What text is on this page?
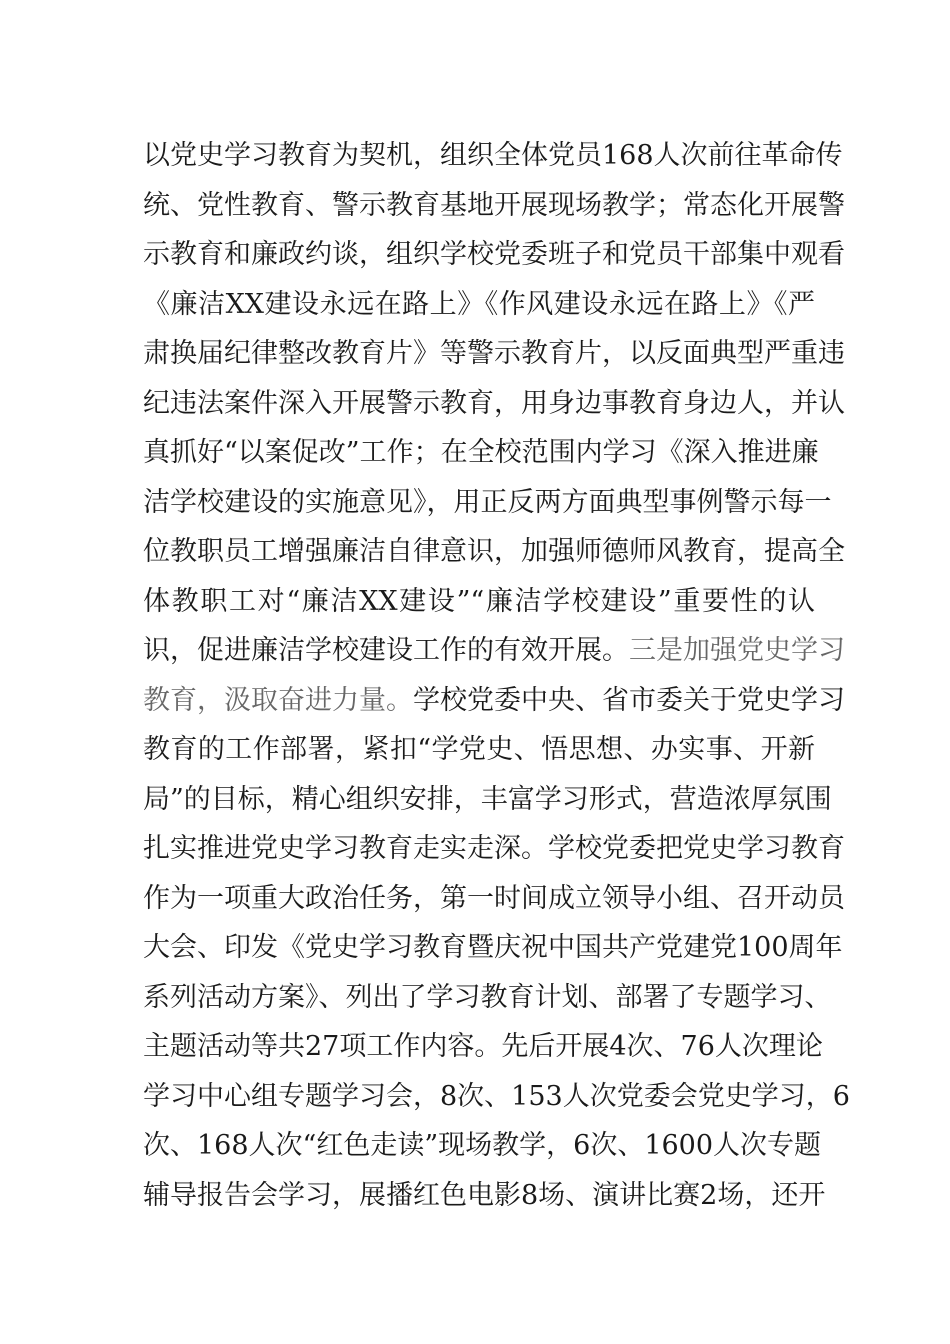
以党史学习教育为契机，组织全体党员168人次前往革命传
统、党性教育、警示教育基地开展现场教学；常态化开展警
示教育和廉政约谈，组织学校党委班子和党员干部集中观看
《廉洁XX建设永远在路上》《作风建设永远在路上》《严
肃换届纪律整改教育片》等警示教育片，以反面典型严重违
纪违法案件深入开展警示教育，用身边事教育身边人，并认
真抓好“以案促改”工作；在全校范围内学习《深入推进廉
洁学校建设的实施意见》，用正反两方面典型事例警示每一
位教职员工增强廉洁自律意识，加强师德师风教育，提高全
体教职工对“廉洁XX建设”“廉洁学校建设”重要性的认
识，促进廉洁学校建设工作的有效开展。三是加强党史学习
教育，汲取奋进力量。学校党委中央、省市委关于党史学习
教育的工作部署，紧扣“学党史、悟思想、办实事、开新
局”的目标，精心组织安排，丰富学习形式，营造浓厚氛围
扎实推进党史学习教育走实走深。学校党委把党史学习教育
作为一项重大政治任务，第一时间成立领导小组、召开动员
大会、印发《党史学习教育暨庆祝中国共产党建党100周年
系列活动方案》、列出了学习教育计划、部署了专题学习、
主题活动等共27项工作内容。先后开展4次、76人次理论
学习中心组专题学习会，8次、153人次党委会党史学习，6
次、168人次“红色走读”现场教学，6次、1600人次专题
辅导报告会学习，展播红色电影8场、演讲比赛2场，还开
